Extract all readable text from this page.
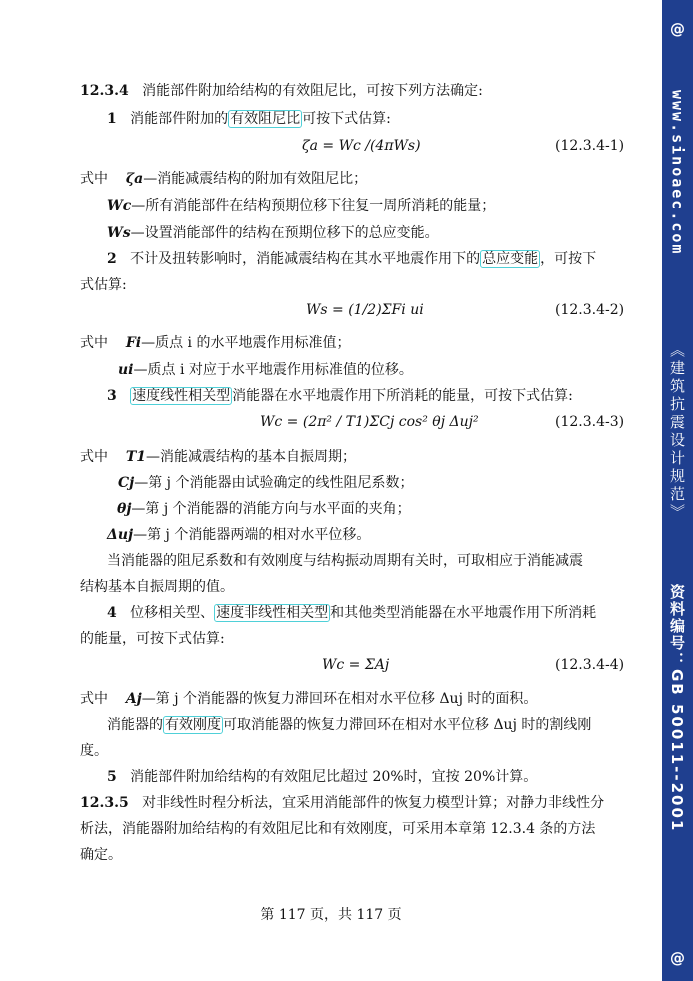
12.3.4 消能部件附加给结构的有效阻尼比，可按下列方法确定:
1 消能部件附加的 有效阻尼比 可按下式估算:
ζa = Wc /(4πWs)	(12.3.4-1)
式中 ζa—消能减震结构的附加有效阻尼比；
Wc—所有消能部件在结构预期位移下往复一周所消耗的能量；
Ws—设置消能部件的结构在预期位移下的总应变能。
2 不计及扭转影响时，消能减震结构在其水平地震作用下的 总应变能 ，可按下
式估算:
Ws = (1/2)ΣFi ui	(12.3.4-2)
式中 Fi—质点 i 的水平地震作用标准值；
ui—质点 i 对应于水平地震作用标准值的位移。
3 速度线性相关型 消能器在水平地震作用下所消耗的能量，可按下式估算:
Wc = (2π² / T1)ΣCj cos² θj Δuj²	(12.3.4-3)
式中 T1—消能减震结构的基本自振周期；
Cj—第 j 个消能器由试验确定的线性阻尼系数；
θj—第 j 个消能器的消能方向与水平面的夹角；
Δuj—第 j 个消能器两端的相对水平位移。
当消能器的阻尼系数和有效刚度与结构振动周期有关时，可取相应于消能减震
结构基本自振周期的值。
4 位移相关型、 速度非线性相关型 和其他类型消能器在水平地震作用下所消耗
的能量，可按下式估算:
Wc = ΣAj	(12.3.4-4)
式中 Aj—第 j 个消能器的恢复力滞回环在相对水平位移 Δuj 时的面积。
消能器的 有效刚度 可取消能器的恢复力滞回环在相对水平位移 Δuj 时的割线刚
度。
5 消能部件附加给结构的有效阻尼比超过 20%时，宜按 20%计算。
12.3.5 对非线性时程分析法，宜采用消能部件的恢复力模型计算；对静力非线性分
析法，消能器附加给结构的有效阻尼比和有效刚度，可采用本章第 12.3.4 条的方法
确定。
第 117 页，共 117 页
@
www.sinoaec.com
《建筑抗震设计规范》
资料编号：GB 50011--2001
@
